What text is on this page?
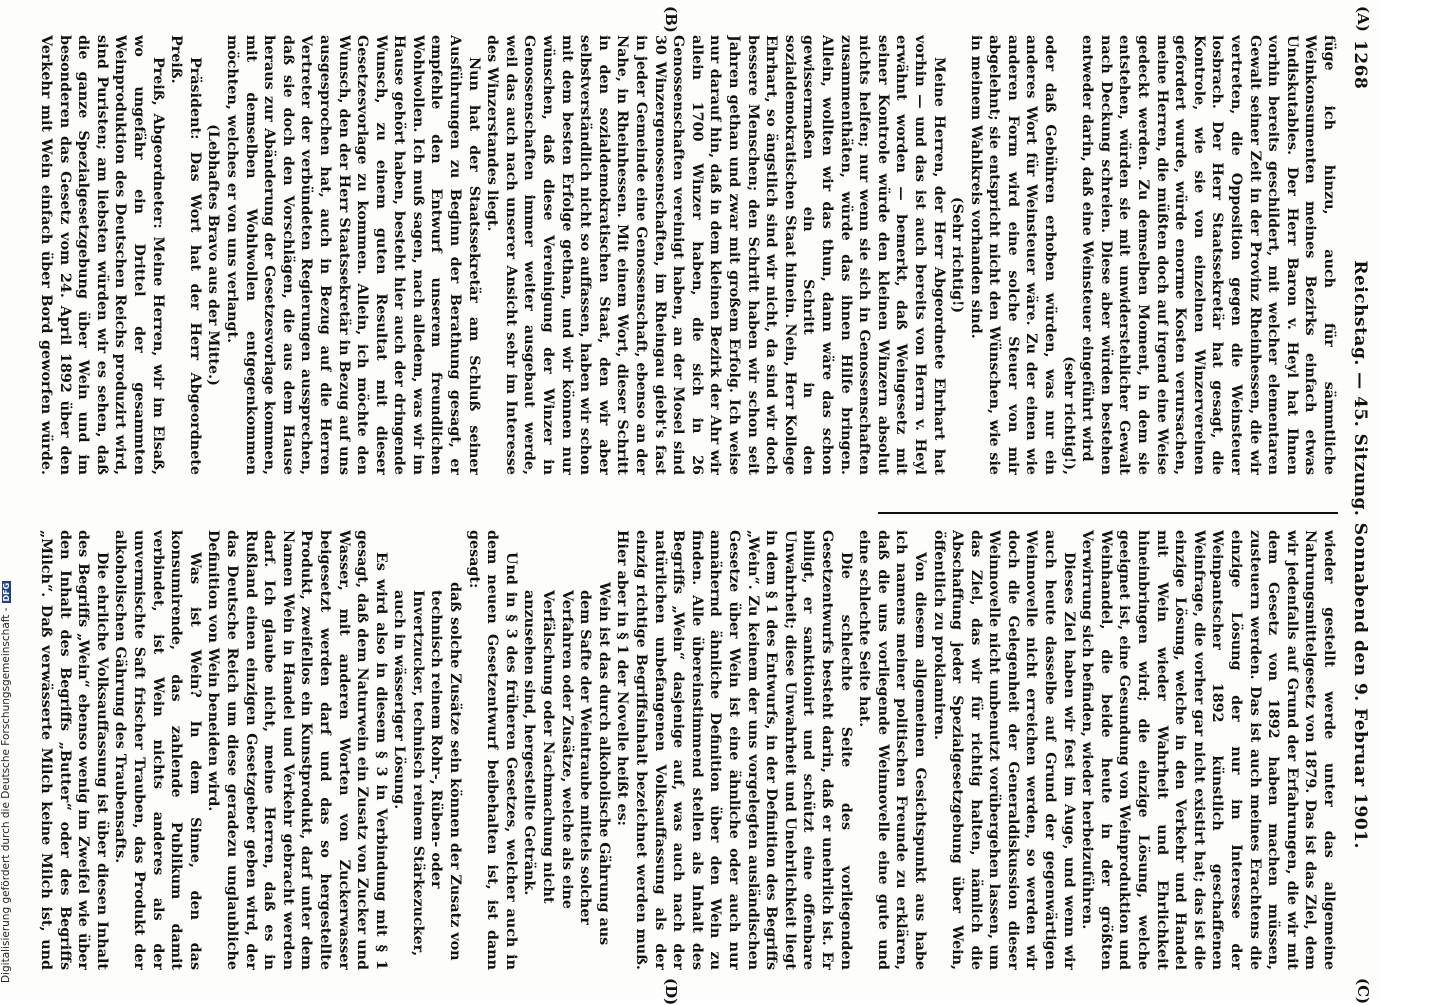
1268
Reichstag. — 45. Sitzung. Sonnabend den 9. Februar 1901.
(A)
(B)
(C)
(D)

füge ich hinzu, auch für sämmtliche Weinkonsumenten meines Bezirks einfach etwas Undiskutables. Der Herr Baron v. Heyl hat Ihnen vorhin bereits geschildert, mit welcher elementaren Gewalt seiner Zeit in der Provinz Rheinhessen, die wir vertreten, die Opposition gegen die Weinsteuer losbrach. Der Herr Staatssekretär hat gesagt, die Kontrole, wie sie von einzelnen Winzervereinen gefordert wurde, würde enorme Kosten verursachen, meine Herren, die müßten doch auf irgend eine Weise gedeckt werden. Zu demselben Moment, in dem sie entstehen, würden sie mit unwiderstehlicher Gewalt nach Deckung schreien. Diese aber würden bestehen entweder darin, daß eine Weinsteuer eingeführt wird

(sehr richtig!),

oder daß Gebühren erhoben würden, was nur ein anderes Wort für Weinsteuer wäre. Zu der einen wie anderen Form wird eine solche Steuer von mir abgelehnt; sie entspricht nicht den Wünschen, wie sie in meinem Wahlkreis vorhanden sind.

(Sehr richtig!)

Meine Herren, der Herr Abgeordnete Ehrhart hat vorhin — und das ist auch bereits von Herrn v. Heyl erwähnt worden — bemerkt, daß Weingesetz mit seiner Kontrole würde den kleinen Winzern absolut nichts helfen; nur wenn sie sich in Genossenschaften zusammenthäten, würde das ihnen Hilfe bringen. Allein, wollten wir das thun, dann wäre das schon gewissermaßen ein Schritt in den sozialdemokratischen Staat hinein. Nein, Herr Kollege Ehrhart, so ängstlich sind wir nicht, da sind wir doch bessere Menschen; den Schritt haben wir schon seit Jahren gethan und zwar mit großem Erfolg. Ich weise nur darauf hin, daß in dem kleinen Bezirk der Ahr wir allein 1700 Winzer haben, die sich in 26 Genossenschaften vereinigt haben, an der Mosel sind 30 Winzergenossenschaften, im Rheingau giebt's fast in jeder Gemeinde eine Genossenschaft, ebenso an der Nahe, in Rheinhessen. Mit einem Wort, dieser Schritt in den sozialdemokratischen Staat, den wir aber selbstverständlich nicht so auffassen, haben wir schon mit dem besten Erfolge gethan, und wir können nur wünschen, daß diese Vereinigung der Winzer in Genossenschaften immer weiter ausgebaut werde, weil das auch nach unserer Ansicht sehr im Interesse des Winzerstandes liegt.

Nun hat der Staatssekretär am Schluß seiner Ausführungen zu Beginn der Berathung gesagt, er empfehle den Entwurf unserem freundlichen Wohlwollen. Ich muß sagen, nach alledem, was wir im Hause gehört haben, besteht hier auch der dringende Wunsch, zu einem guten Resultat mit dieser Gesetzesvorlage zu kommen. Allein, ich möchte den Wunsch, den der Herr Staatssekretär in Bezug auf uns ausgesprochen hat, auch in Bezug auf die Herren Vertreter der verbündeten Regierungen aussprechen, daß sie doch den Vorschlägen, die aus dem Hause heraus zur Abänderung der Gesetzesvorlage kommen, mit demselben Wohlwollen entgegenkommen möchten, welches er von uns verlangt.

(Lebhaftes Bravo aus der Mitte.)

Präsident: Das Wort hat der Herr Abgeordnete Preiß.

Preiß, Abgeordneter: Meine Herren, wir im Elsaß, wo ungefähr ein Drittel der gesammten Weinproduktion des Deutschen Reichs produzirt wird, sind Puristen; am liebsten würden wir es sehen, daß die ganze Spezialgesetzgebung über Wein und im besonderen das Gesetz vom 24. April 1892 über den Verkehr mit Wein einfach über Bord geworfen würde.

wieder gestellt werde unter das allgemeine Nahrungsmittelgesetz von 1879. Das ist das Ziel, dem wir jedenfalls auf Grund der Erfahrungen, die wir mit dem Gesetz von 1892 haben machen müssen, zusteuern werden. Das ist auch meines Erachtens die einzige Lösung der nur im Interesse der Weinpantscher 1892 künstlich geschaffenen Weinfrage, die vorher gar nicht existirt hat; das ist die einzige Lösung, welche in den Verkehr und Handel mit Wein wieder Wahrheit und Ehrlichkeit hineinbringen wird; die einzige Lösung, welche geeignet ist, eine Gesundung von Weinproduktion und Weinhandel, die beide heute in der größten Verwirrung sich befinden, wieder herbeizuführen.

Dieses Ziel haben wir fest im Auge, und wenn wir auch heute dasselbe auf Grund der gegenwärtigen Weinnovelle nicht erreichen werden, so werden wir doch die Gelegenheit der Generaldiskussion dieser Weinnovelle nicht unbenutzt vorübergehen lassen, um das Ziel, das wir für richtig halten, nämlich die Abschaffung jeder Spezialgesetzgebung über Wein, öffentlich zu proklamiren.

Von diesem allgemeinen Gesichtspunkt aus habe ich namens meiner politischen Freunde zu erklären, daß die uns vorliegende Weinnovelle eine gute und eine schlechte Seite hat.

Die schlechte Seite des vorliegenden Gesetzentwurfs besteht darin, daß er unehrlich ist. Er billigt, er sanktionirt und schützt eine offenbare Unwahrheit; diese Unwahrheit und Unehrlichkeit liegt in dem § 1 des Entwurfs, in der Definition des Begriffs „Wein“. Zu keinem der uns vorgelegten ausländischen Gesetze über Wein ist eine ähnliche oder auch nur annähernd ähnliche Definition über den Wein zu finden. Alle übereinstimmend stellen als Inhalt des Begriffs „Wein“ dasjenige auf, was auch nach der natürlichen unbefangenen Volksauffassung als der einzig richtige Begriffsinhalt bezeichnet werden muß. Hier aber in § 1 der Novelle heißt es:

Wein ist das durch alkoholische Gährung aus dem Safte der Weintraube mittels solcher Verfahren oder Zusätze, welche als eine Verfälschung oder Nachmachung nicht anzusehen sind, hergestellte Getränk.

Und in § 3 des früheren Gesetzes, welcher auch in dem neuen Gesetzentwurf beibehalten ist, ist dann gesagt:

daß solche Zusätze sein können der Zusatz von technisch reinem Rohr-, Rüben- oder Invertzucker, technisch reinem Stärkezucker, auch in wässeriger Lösung.

Es wird also in diesem § 3 in Verbindung mit § 1 gesagt, daß dem Naturwein ein Zusatz von Zucker und Wasser, mit anderen Worten von Zuckerwasser beigesetzt werden darf und das so hergestellte Produkt, zweifellos ein Kunstprodukt, darf unter dem Namen Wein in Handel und Verkehr gebracht werden darf. Ich glaube nicht, meine Herren, daß es in Rußland einen einzigen Gesetzgeber geben wird, der das Deutsche Reich um diese geradezu unglaubliche Definition von Wein beneiden wird.

Was ist Wein? In dem Sinne, den das konsumirende, das zahlende Publikum damit verbindet, ist Wein nichts anderes als der unvermischte Saft frischer Trauben, das Produkt der alkoholischen Gährung des Traubensafts.

Die ehrliche Volksauffassung ist über diesen Inhalt des Begriffs „Wein“ ebenso wenig im Zweifel wie über den Inhalt des Begriffs „Butter“ oder des Begriffs „Milch“. Daß verwässerte Milch keine Milch ist, und

Digitalisierung gefördert durch die Deutsche Forschungsgemeinschaft -DFG
